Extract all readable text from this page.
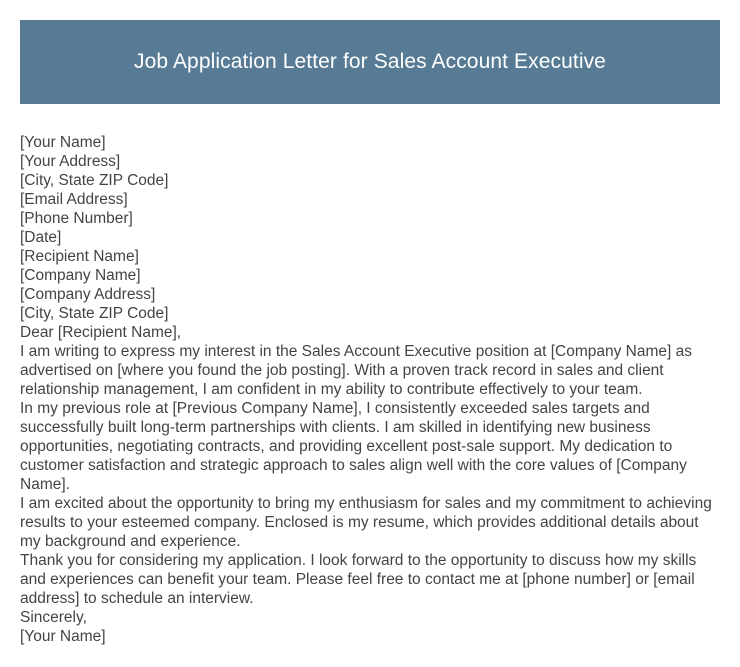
Job Application Letter for Sales Account Executive

[Your Name]

[Your Address]

[City, State ZIP Code]

[Email Address]

[Phone Number]

[Date]

[Recipient Name]

[Company Name]

[Company Address]

[City, State ZIP Code]

Dear [Recipient Name],

I am writing to express my interest in the Sales Account Executive position at [Company Name] as advertised on [where you found the job posting]. With a proven track record in sales and client relationship management, I am confident in my ability to contribute effectively to your team.

In my previous role at [Previous Company Name], I consistently exceeded sales targets and successfully built long-term partnerships with clients. I am skilled in identifying new business opportunities, negotiating contracts, and providing excellent post-sale support. My dedication to customer satisfaction and strategic approach to sales align well with the core values of [Company Name].

I am excited about the opportunity to bring my enthusiasm for sales and my commitment to achieving results to your esteemed company. Enclosed is my resume, which provides additional details about my background and experience.

Thank you for considering my application. I look forward to the opportunity to discuss how my skills and experiences can benefit your team. Please feel free to contact me at [phone number] or [email address] to schedule an interview.

Sincerely,

[Your Name]
